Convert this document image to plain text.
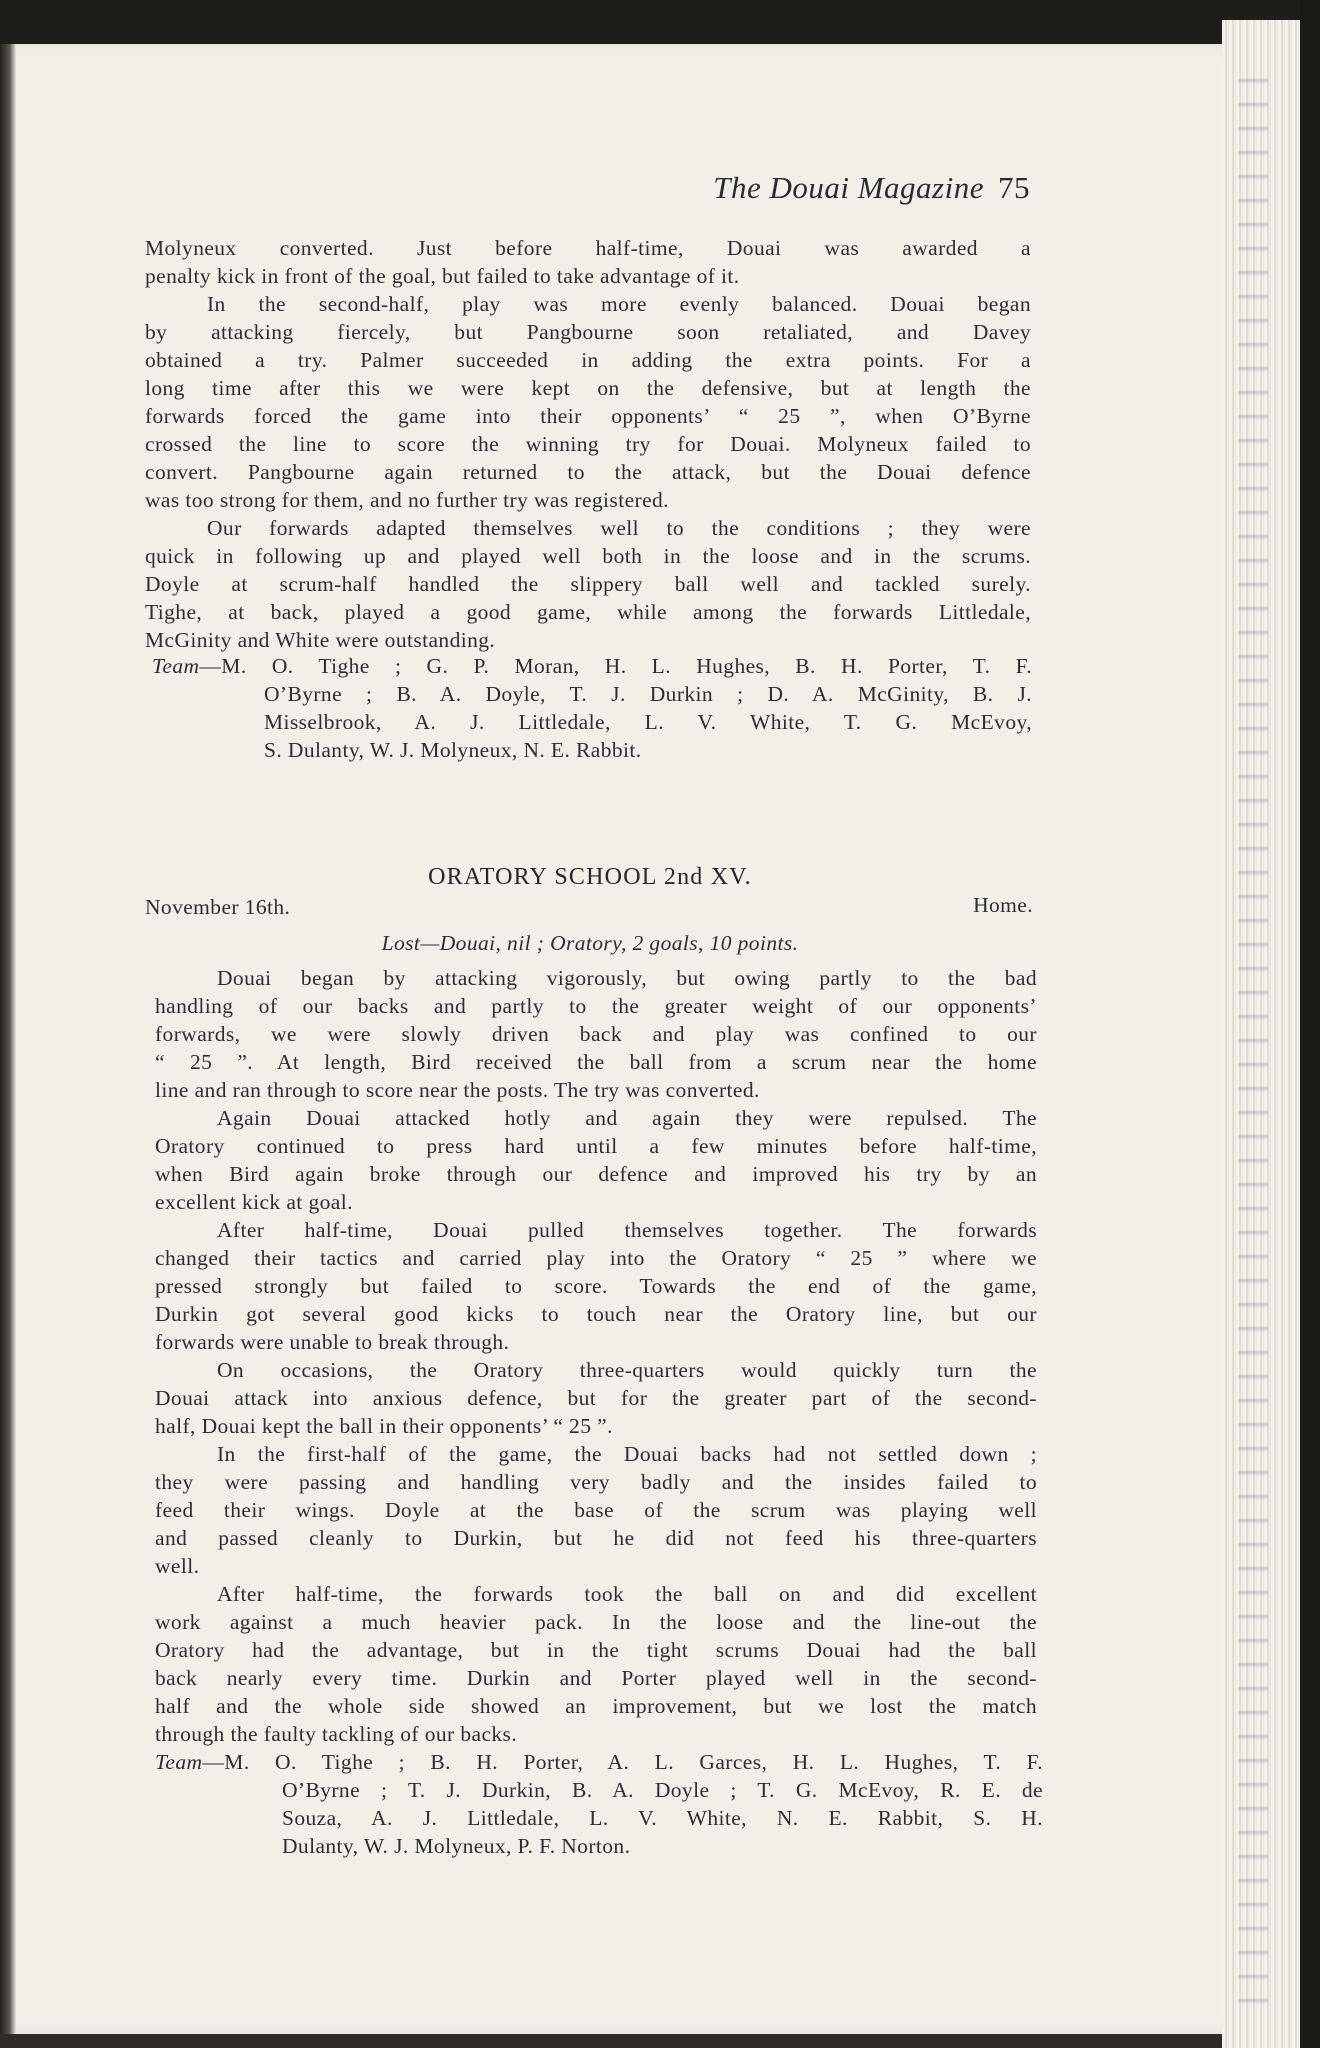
The Douai Magazine 75
Molyneux converted. Just before half-time, Douai was awarded a
penalty kick in front of the goal, but failed to take advantage of it.
In the second-half, play was more evenly balanced. Douai began
by attacking fiercely, but Pangbourne soon retaliated, and Davey
obtained a try. Palmer succeeded in adding the extra points. For a
long time after this we were kept on the defensive, but at length the
forwards forced the game into their opponents’ “ 25 ”, when O’Byrne
crossed the line to score the winning try for Douai. Molyneux failed to
convert. Pangbourne again returned to the attack, but the Douai defence
was too strong for them, and no further try was registered.
Our forwards adapted themselves well to the conditions ; they were
quick in following up and played well both in the loose and in the scrums.
Doyle at scrum-half handled the slippery ball well and tackled surely.
Tighe, at back, played a good game, while among the forwards Littledale,
McGinity and White were outstanding.
Team—M. O. Tighe ; G. P. Moran, H. L. Hughes, B. H. Porter, T. F.
O’Byrne ; B. A. Doyle, T. J. Durkin ; D. A. McGinity, B. J.
Misselbrook, A. J. Littledale, L. V. White, T. G. McEvoy,
S. Dulanty, W. J. Molyneux, N. E. Rabbit.
ORATORY SCHOOL 2nd XV.
November 16th.	Home.
Lost—Douai, nil ; Oratory, 2 goals, 10 points.
Douai began by attacking vigorously, but owing partly to the bad
handling of our backs and partly to the greater weight of our opponents’
forwards, we were slowly driven back and play was confined to our
“ 25 ”. At length, Bird received the ball from a scrum near the home
line and ran through to score near the posts. The try was converted.
Again Douai attacked hotly and again they were repulsed. The
Oratory continued to press hard until a few minutes before half-time,
when Bird again broke through our defence and improved his try by an
excellent kick at goal.
After half-time, Douai pulled themselves together. The forwards
changed their tactics and carried play into the Oratory “ 25 ” where we
pressed strongly but failed to score. Towards the end of the game,
Durkin got several good kicks to touch near the Oratory line, but our
forwards were unable to break through.
On occasions, the Oratory three-quarters would quickly turn the
Douai attack into anxious defence, but for the greater part of the second-
half, Douai kept the ball in their opponents’ “ 25 ”.
In the first-half of the game, the Douai backs had not settled down ;
they were passing and handling very badly and the insides failed to
feed their wings. Doyle at the base of the scrum was playing well
and passed cleanly to Durkin, but he did not feed his three-quarters
well.
After half-time, the forwards took the ball on and did excellent
work against a much heavier pack. In the loose and the line-out the
Oratory had the advantage, but in the tight scrums Douai had the ball
back nearly every time. Durkin and Porter played well in the second-
half and the whole side showed an improvement, but we lost the match
through the faulty tackling of our backs.
Team—M. O. Tighe ; B. H. Porter, A. L. Garces, H. L. Hughes, T. F.
O’Byrne ; T. J. Durkin, B. A. Doyle ; T. G. McEvoy, R. E. de
Souza, A. J. Littledale, L. V. White, N. E. Rabbit, S. H.
Dulanty, W. J. Molyneux, P. F. Norton.
